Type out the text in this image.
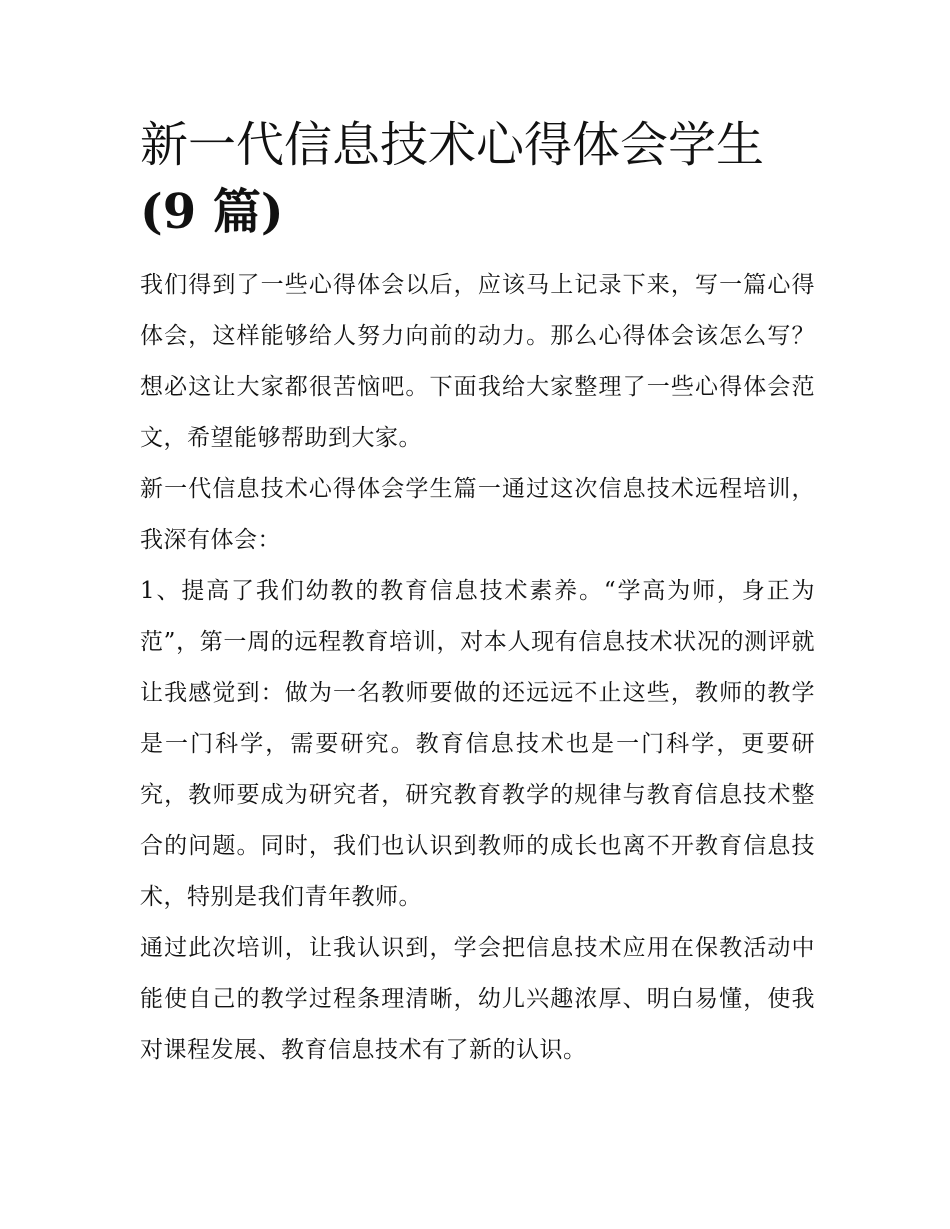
新一代信息技术心得体会学生
(9 篇)

我们得到了一些心得体会以后，应该马上记录下来，写一篇心得体会，这样能够给人努力向前的动力。那么心得体会该怎么写？想必这让大家都很苦恼吧。下面我给大家整理了一些心得体会范文，希望能够帮助到大家。

新一代信息技术心得体会学生篇一通过这次信息技术远程培训，我深有体会：

1、提高了我们幼教的教育信息技术素养。“学高为师，身正为范”，第一周的远程教育培训，对本人现有信息技术状况的测评就让我感觉到：做为一名教师要做的还远远不止这些，教师的教学是一门科学，需要研究。教育信息技术也是一门科学，更要研究，教师要成为研究者，研究教育教学的规律与教育信息技术整合的问题。同时，我们也认识到教师的成长也离不开教育信息技术，特别是我们青年教师。

通过此次培训，让我认识到，学会把信息技术应用在保教活动中能使自己的教学过程条理清晰，幼儿兴趣浓厚、明白易懂，使我对课程发展、教育信息技术有了新的认识。
